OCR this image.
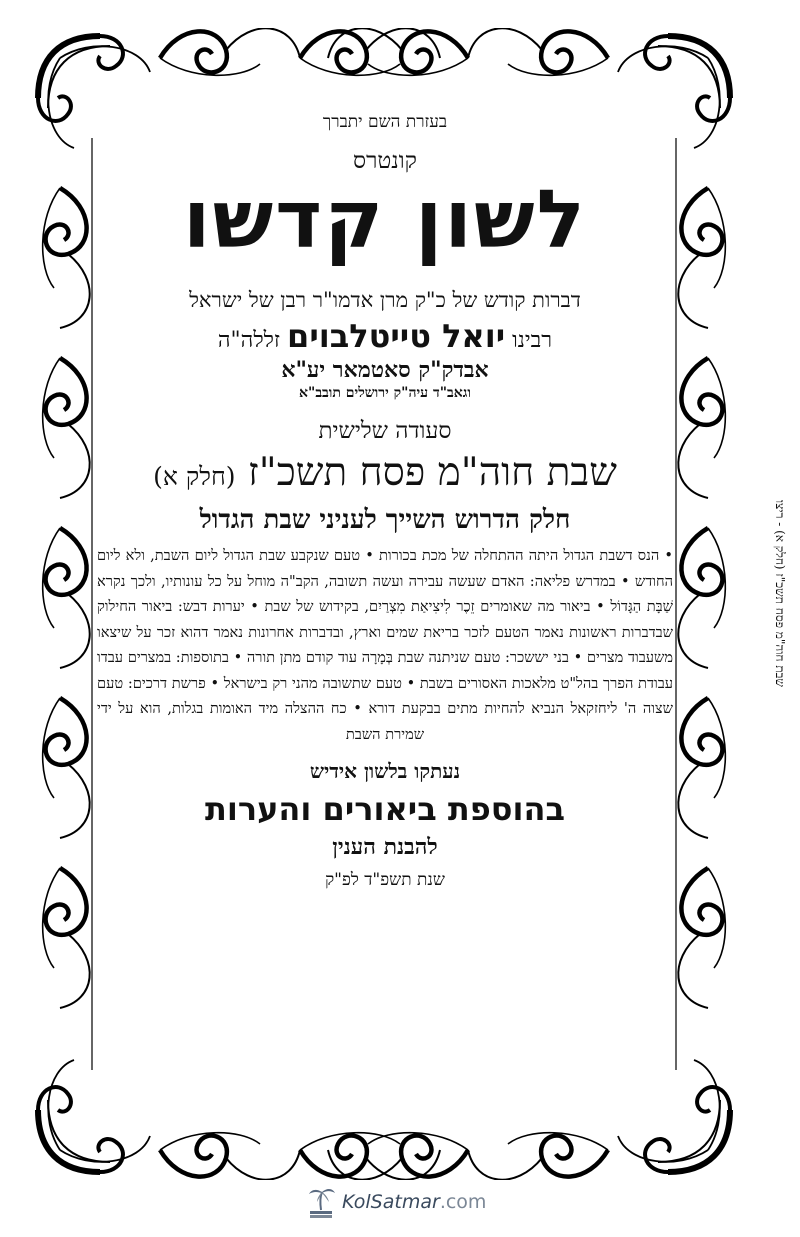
בעזרת השם יתברך
קונטרס
לשון קדשו
דברות קודש של כ"ק מרן אדמו"ר רבן של ישראל
רבינו יואל טייטלבוים זללה"ה
אבדק"ק סאטמאר יע"א
וגאב"ד עיה"ק ירושלים תובב"א
סעודה שלישית
שבת חוה"מ פסח תשכ"ז (חלק א)
חלק הדרוש השייך לעניני שבת הגדול
• הנס דשבת הגדול היתה ההתחלה של מכת בכורות • טעם שנקבע שבת הגדול ליום השבת, ולא ליום החודש • במדרש פליאה: האדם שעשה עבירה ועשה תשובה, הקב"ה מוחל על כל עונותיו, ולכך נקרא שַׁבָּת הַגָּדוֹל • ביאור מה שאומרים זֵכֶר לִיצִיאַת מִצְרַיִם, בקידוש של שבת • יערות דבש: ביאור החילוק שבדברות ראשונות נאמר הטעם לזכר בריאת שמים וארץ, ובדברות אחרונות נאמר דהוא זכר על שיצאו משעבוד מצרים • בני יששכר: טעם שניתנה שבת בְּמָרָה עוד קודם מתן תורה • בתוספות: במצרים עבדו עבודת הפרך בהל"ט מלאכות האסורים בשבת • טעם שתשובה מהני רק בישראל • פרשת דרכים: טעם שצוה ה' ליחזקאל הנביא להחיות מתים בבקעת דורא • כח ההצלה מיד האומות בגלות, הוא על ידי שמירת השבת
נעתקו בלשון אידיש
בהוספת ביאורים והערות
להבנת הענין
שנת תשפ"ד לפ"ק
שבת חוה"מ פסח תשכ"ז (חלק א) - ריצו
KolSatmar .com
